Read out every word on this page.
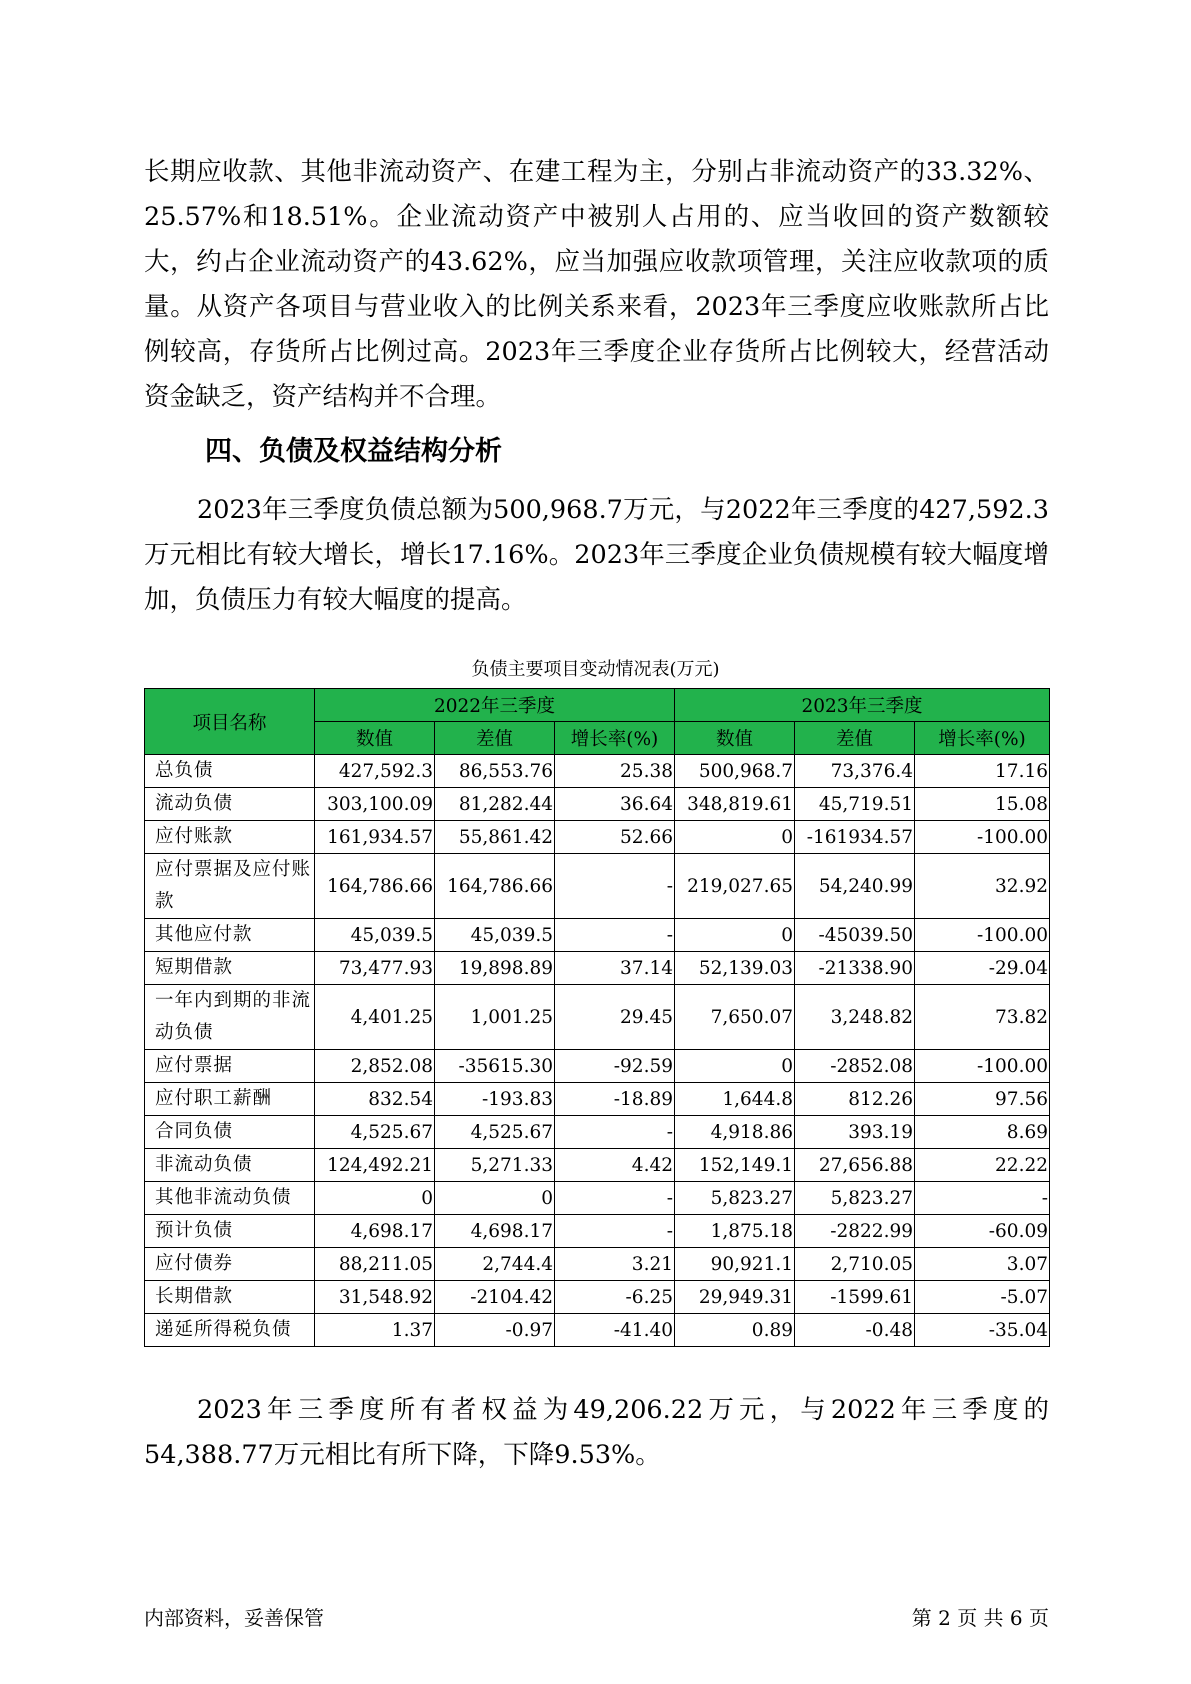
长期应收款、其他非流动资产、在建工程为主，分别占非流动资产的33.32%、25.57%和18.51%。企业流动资产中被别人占用的、应当收回的资产数额较大，约占企业流动资产的43.62%，应当加强应收款项管理，关注应收款项的质量。从资产各项目与营业收入的比例关系来看，2023年三季度应收账款所占比例较高，存货所占比例过高。2023年三季度企业存货所占比例较大，经营活动资金缺乏，资产结构并不合理。

四、负债及权益结构分析

2023年三季度负债总额为500,968.7万元，与2022年三季度的427,592.3万元相比有较大增长，增长17.16%。2023年三季度企业负债规模有较大幅度增加，负债压力有较大幅度的提高。

负债主要项目变动情况表(万元)

项目名称	2022年三季度			2023年三季度		
	数值	差值	增长率(%)	数值	差值	增长率(%)
总负债	427,592.3	86,553.76	25.38	500,968.7	73,376.4	17.16
流动负债	303,100.09	81,282.44	36.64	348,819.61	45,719.51	15.08
应付账款	161,934.57	55,861.42	52.66	0	-161934.57	-100.00
应付票据及应付账款	164,786.66	164,786.66	-	219,027.65	54,240.99	32.92
其他应付款	45,039.5	45,039.5	-	0	-45039.50	-100.00
短期借款	73,477.93	19,898.89	37.14	52,139.03	-21338.90	-29.04
一年内到期的非流动负债	4,401.25	1,001.25	29.45	7,650.07	3,248.82	73.82
应付票据	2,852.08	-35615.30	-92.59	0	-2852.08	-100.00
应付职工薪酬	832.54	-193.83	-18.89	1,644.8	812.26	97.56
合同负债	4,525.67	4,525.67	-	4,918.86	393.19	8.69
非流动负债	124,492.21	5,271.33	4.42	152,149.1	27,656.88	22.22
其他非流动负债	0	0	-	5,823.27	5,823.27	-
预计负债	4,698.17	4,698.17	-	1,875.18	-2822.99	-60.09
应付债券	88,211.05	2,744.4	3.21	90,921.1	2,710.05	3.07
长期借款	31,548.92	-2104.42	-6.25	29,949.31	-1599.61	-5.07
递延所得税负债	1.37	-0.97	-41.40	0.89	-0.48	-35.04

2023年三季度所有者权益为49,206.22万元，与2022年三季度的54,388.77万元相比有所下降，下降9.53%。

内部资料，妥善保管	第 2 页 共 6 页
